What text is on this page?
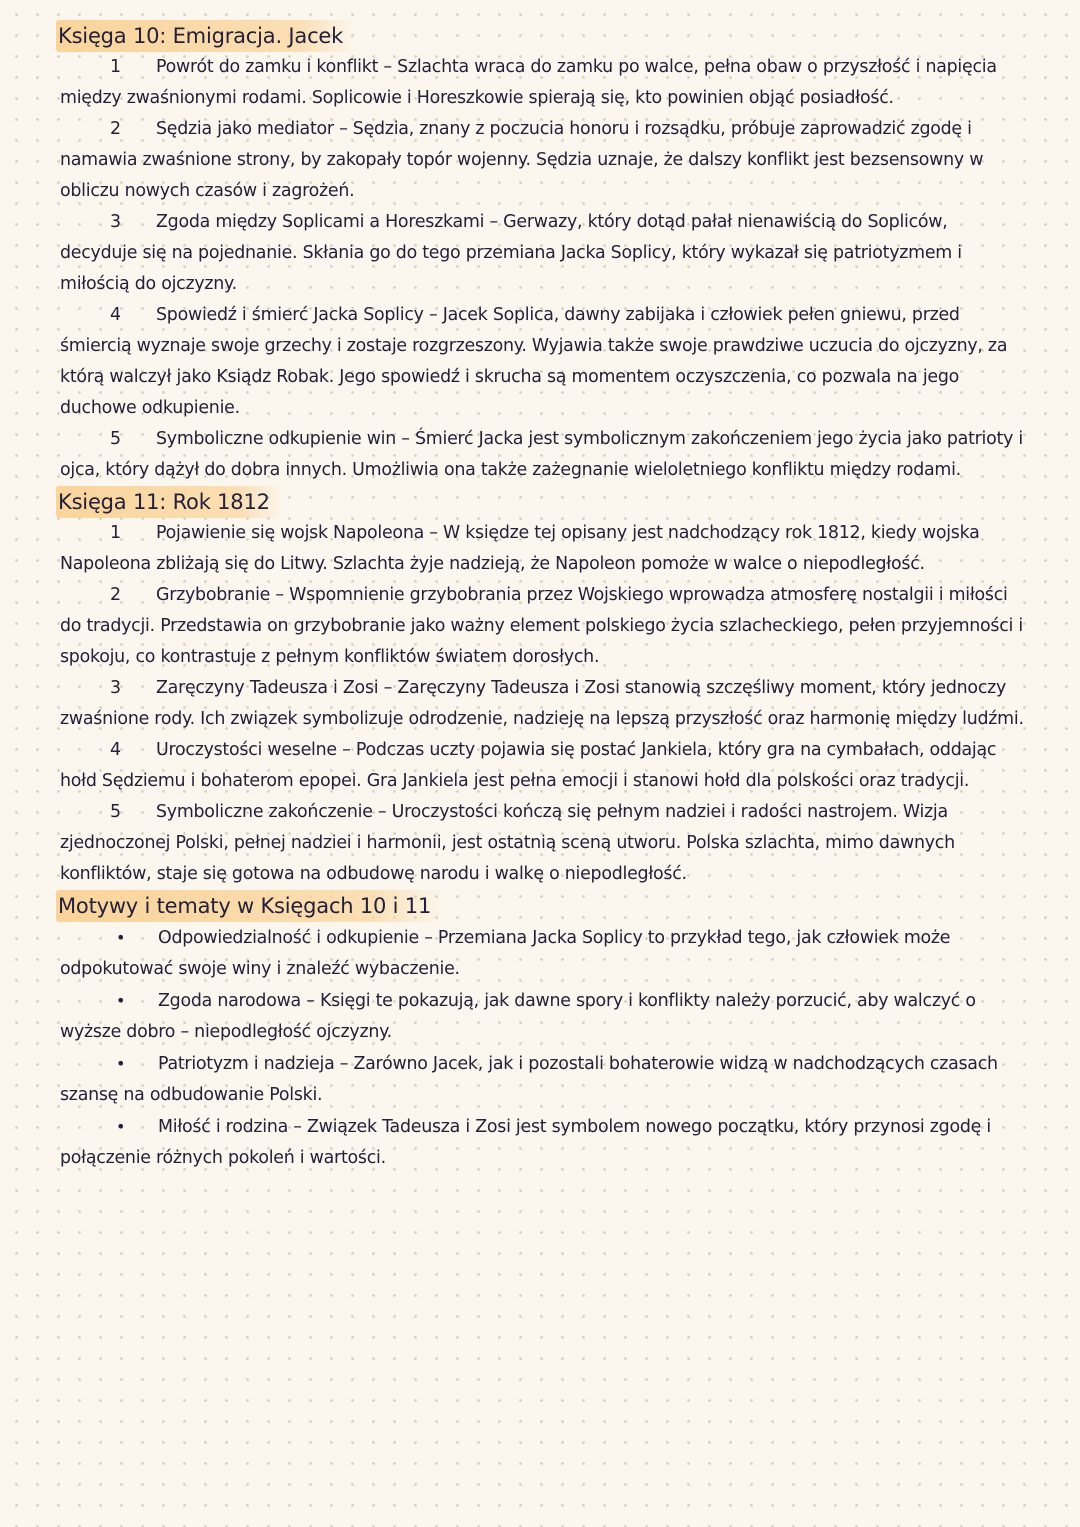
Księga 10: Emigracja. Jacek

1 Powrót do zamku i konflikt – Szlachta wraca do zamku po walce, pełna obaw o przyszłość i napięcia między zwaśnionymi rodami. Soplicowie i Horeszkowie spierają się, kto powinien objąć posiadłość.

2 Sędzia jako mediator – Sędzia, znany z poczucia honoru i rozsądku, próbuje zaprowadzić zgodę i namawia zwaśnione strony, by zakopały topór wojenny. Sędzia uznaje, że dalszy konflikt jest bezsensowny w obliczu nowych czasów i zagrożeń.

3 Zgoda między Soplicami a Horeszkami – Gerwazy, który dotąd pałał nienawiścią do Sopliców, decyduje się na pojednanie. Skłania go do tego przemiana Jacka Soplicy, który wykazał się patriotyzmem i miłością do ojczyzny.

4 Spowiedź i śmierć Jacka Soplicy – Jacek Soplica, dawny zabijaka i człowiek pełen gniewu, przed śmiercią wyznaje swoje grzechy i zostaje rozgrzeszony. Wyjawia także swoje prawdziwe uczucia do ojczyzny, za którą walczył jako Ksiądz Robak. Jego spowiedź i skrucha są momentem oczyszczenia, co pozwala na jego duchowe odkupienie.

5 Symboliczne odkupienie win – Śmierć Jacka jest symbolicznym zakończeniem jego życia jako patrioty i ojca, który dążył do dobra innych. Umożliwia ona także zażegnanie wieloletniego konfliktu między rodami.

Księga 11: Rok 1812

1 Pojawienie się wojsk Napoleona – W księdze tej opisany jest nadchodzący rok 1812, kiedy wojska Napoleona zbliżają się do Litwy. Szlachta żyje nadzieją, że Napoleon pomoże w walce o niepodległość.

2 Grzybobranie – Wspomnienie grzybobrania przez Wojskiego wprowadza atmosferę nostalgii i miłości do tradycji. Przedstawia on grzybobranie jako ważny element polskiego życia szlacheckiego, pełen przyjemności i spokoju, co kontrastuje z pełnym konfliktów światem dorosłych.

3 Zaręczyny Tadeusza i Zosi – Zaręczyny Tadeusza i Zosi stanowią szczęśliwy moment, który jednoczy zwaśnione rody. Ich związek symbolizuje odrodzenie, nadzieję na lepszą przyszłość oraz harmonię między ludźmi.

4 Uroczystości weselne – Podczas uczty pojawia się postać Jankiela, który gra na cymbałach, oddając hołd Sędziemu i bohaterom epopei. Gra Jankiela jest pełna emocji i stanowi hołd dla polskości oraz tradycji.

5 Symboliczne zakończenie – Uroczystości kończą się pełnym nadziei i radości nastrojem. Wizja zjednoczonej Polski, pełnej nadziei i harmonii, jest ostatnią sceną utworu. Polska szlachta, mimo dawnych konfliktów, staje się gotowa na odbudowę narodu i walkę o niepodległość.

Motywy i tematy w Księgach 10 i 11

• Odpowiedzialność i odkupienie – Przemiana Jacka Soplicy to przykład tego, jak człowiek może odpokutować swoje winy i znaleźć wybaczenie.

• Zgoda narodowa – Księgi te pokazują, jak dawne spory i konflikty należy porzucić, aby walczyć o wyższe dobro – niepodległość ojczyzny.

• Patriotyzm i nadzieja – Zarówno Jacek, jak i pozostali bohaterowie widzą w nadchodzących czasach szansę na odbudowanie Polski.

• Miłość i rodzina – Związek Tadeusza i Zosi jest symbolem nowego początku, który przynosi zgodę i połączenie różnych pokoleń i wartości.
